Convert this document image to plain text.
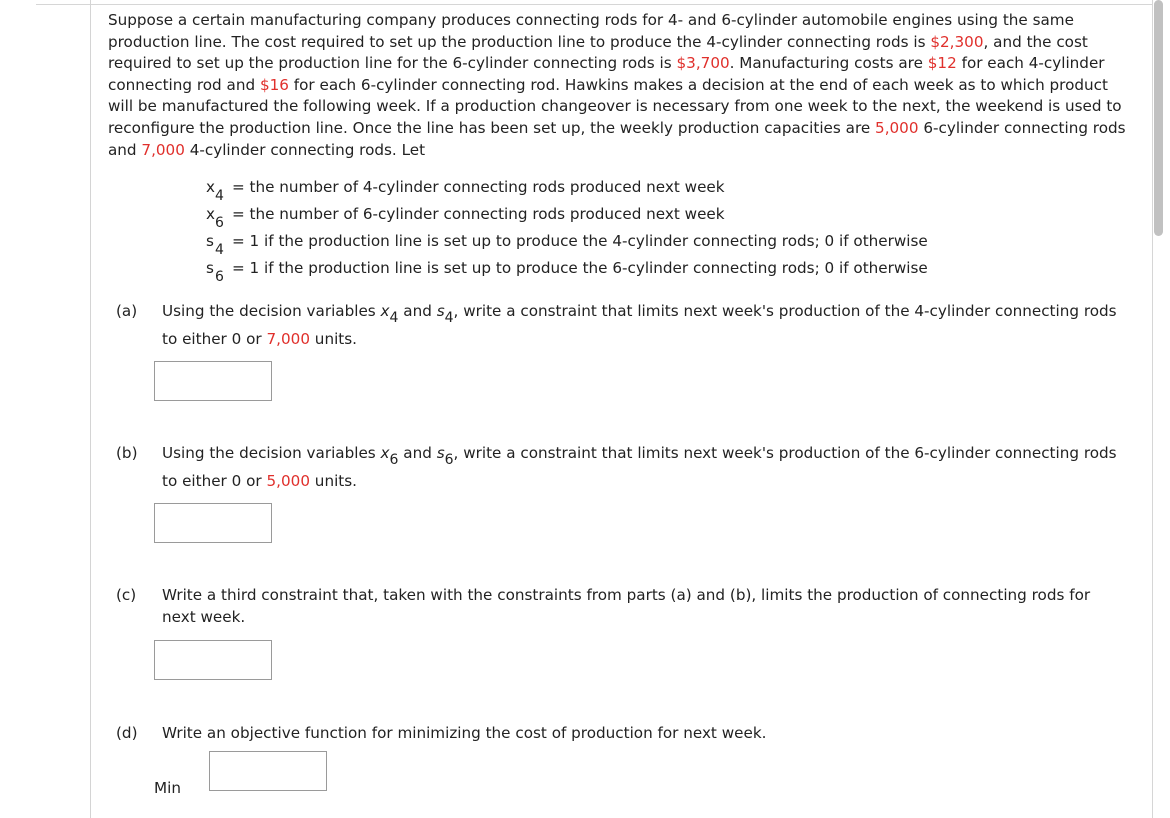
Suppose a certain manufacturing company produces connecting rods for 4- and 6-cylinder automobile engines using the same production line. The cost required to set up the production line to produce the 4-cylinder connecting rods is $2,300, and the cost required to set up the production line for the 6-cylinder connecting rods is $3,700. Manufacturing costs are $12 for each 4-cylinder connecting rod and $16 for each 6-cylinder connecting rod. Hawkins makes a decision at the end of each week as to which product will be manufactured the following week. If a production changeover is necessary from one week to the next, the weekend is used to reconfigure the production line. Once the line has been set up, the weekly production capacities are 5,000 6-cylinder connecting rods and 7,000 4-cylinder connecting rods. Let

x 4 = the number of 4-cylinder connecting rods produced next week
x 6 = the number of 6-cylinder connecting rods produced next week
s 4 = 1 if the production line is set up to produce the 4-cylinder connecting rods; 0 if otherwise
s 6 = 1 if the production line is set up to produce the 6-cylinder connecting rods; 0 if otherwise
(a) Using the decision variables x4 and s4, write a constraint that limits next week's production of the 4-cylinder connecting rods to either 0 or 7,000 units.
(b) Using the decision variables x6 and s6, write a constraint that limits next week's production of the 6-cylinder connecting rods to either 0 or 5,000 units.
(c) Write a third constraint that, taken with the constraints from parts (a) and (b), limits the production of connecting rods for next week.
(d) Write an objective function for minimizing the cost of production for next week.
Min
